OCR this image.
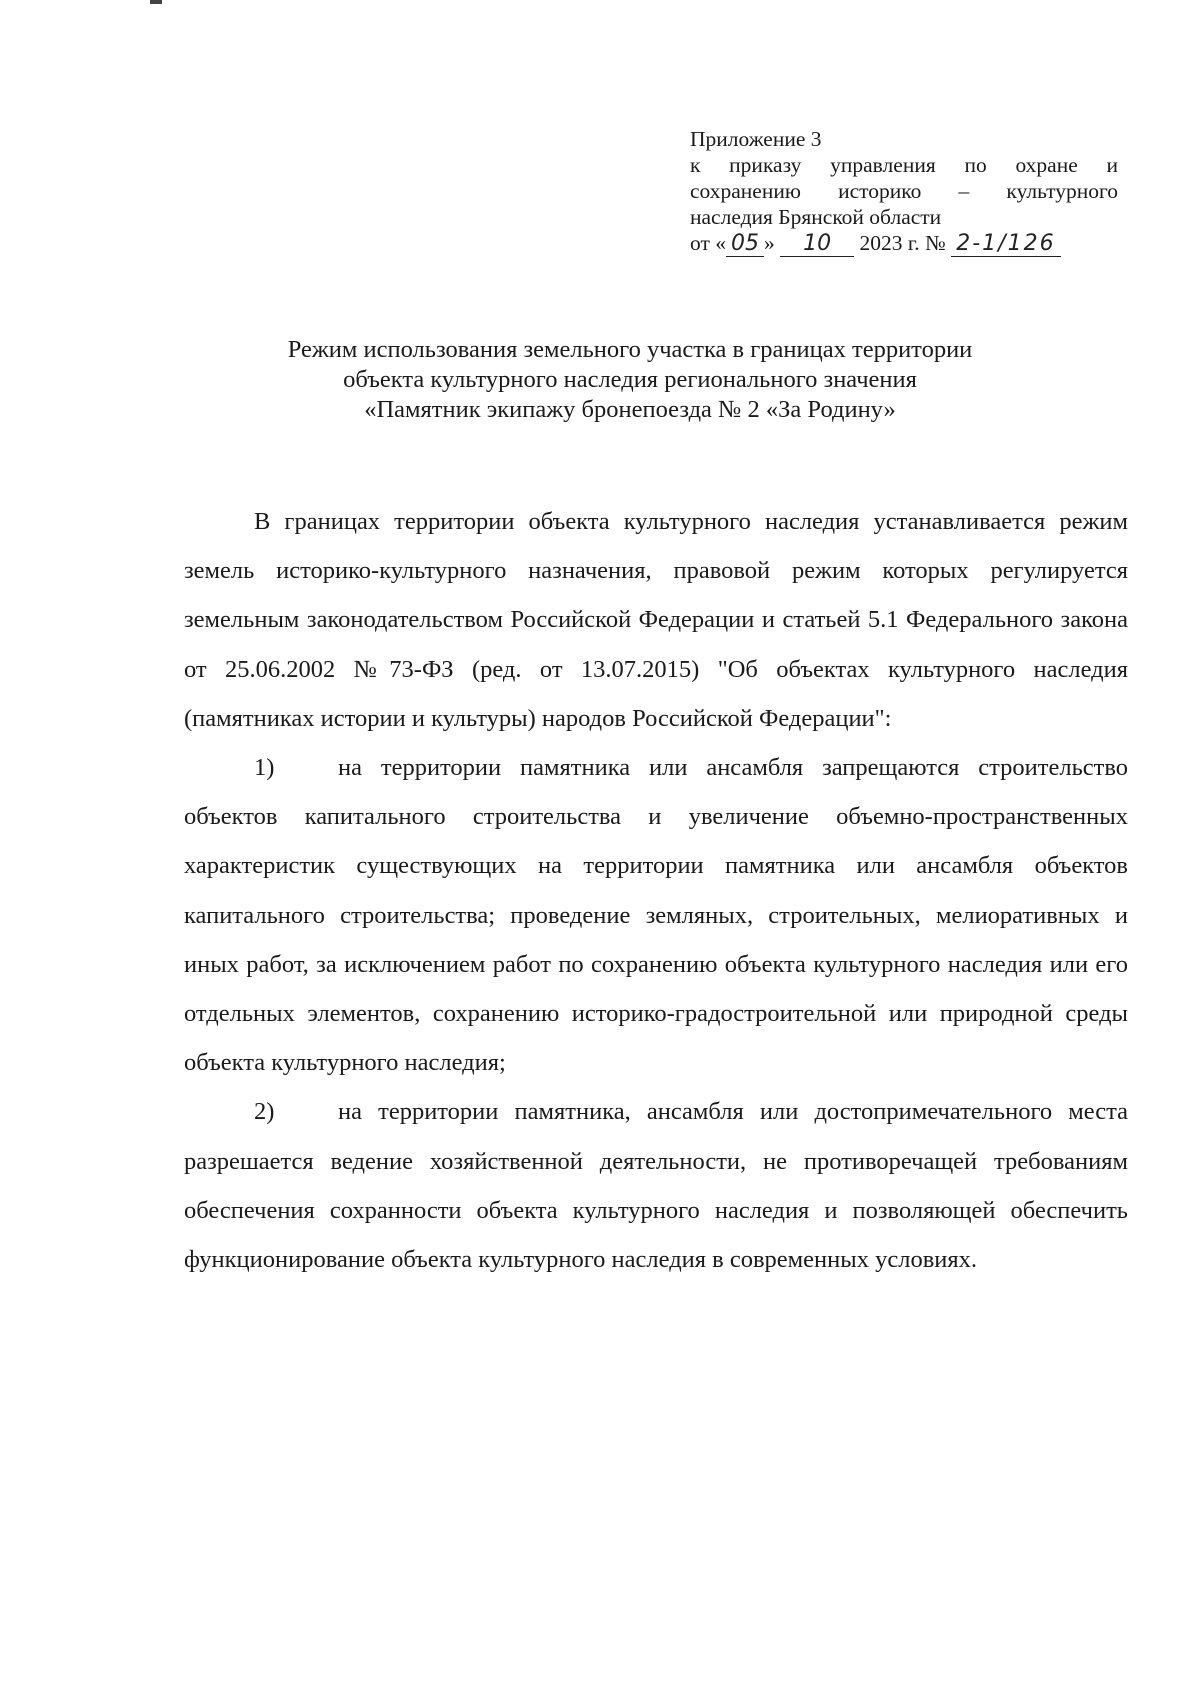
Приложение 3
к приказу управления по охране и
сохранению историко – культурного
наследия Брянской области
от « 05 » 10 2023 г. № 2-1/126
Режим использования земельного участка в границах территории
объекта культурного наследия регионального значения
«Памятник экипажу бронепоезда № 2 «За Родину»

В границах территории объекта культурного наследия устанавливается режим земель историко-культурного назначения, правовой режим которых регулируется земельным законодательством Российской Федерации и статьей 5.1 Федерального закона от 25.06.2002 №73-ФЗ (ред. от 13.07.2015) "Об объектах культурного наследия (памятниках истории и культуры) народов Российской Федерации":

1)	на территории памятника или ансамбля запрещаются строительство объектов капитального строительства и увеличение объемно-пространственных характеристик существующих на территории памятника или ансамбля объектов капитального строительства; проведение земляных, строительных, мелиоративных и иных работ, за исключением работ по сохранению объекта культурного наследия или его отдельных элементов, сохранению историко-градостроительной или природной среды объекта культурного наследия;

2)	на территории памятника, ансамбля или достопримечательного места разрешается ведение хозяйственной деятельности, не противоречащей требованиям обеспечения сохранности объекта культурного наследия и позволяющей обеспечить функционирование объекта культурного наследия в современных условиях.
